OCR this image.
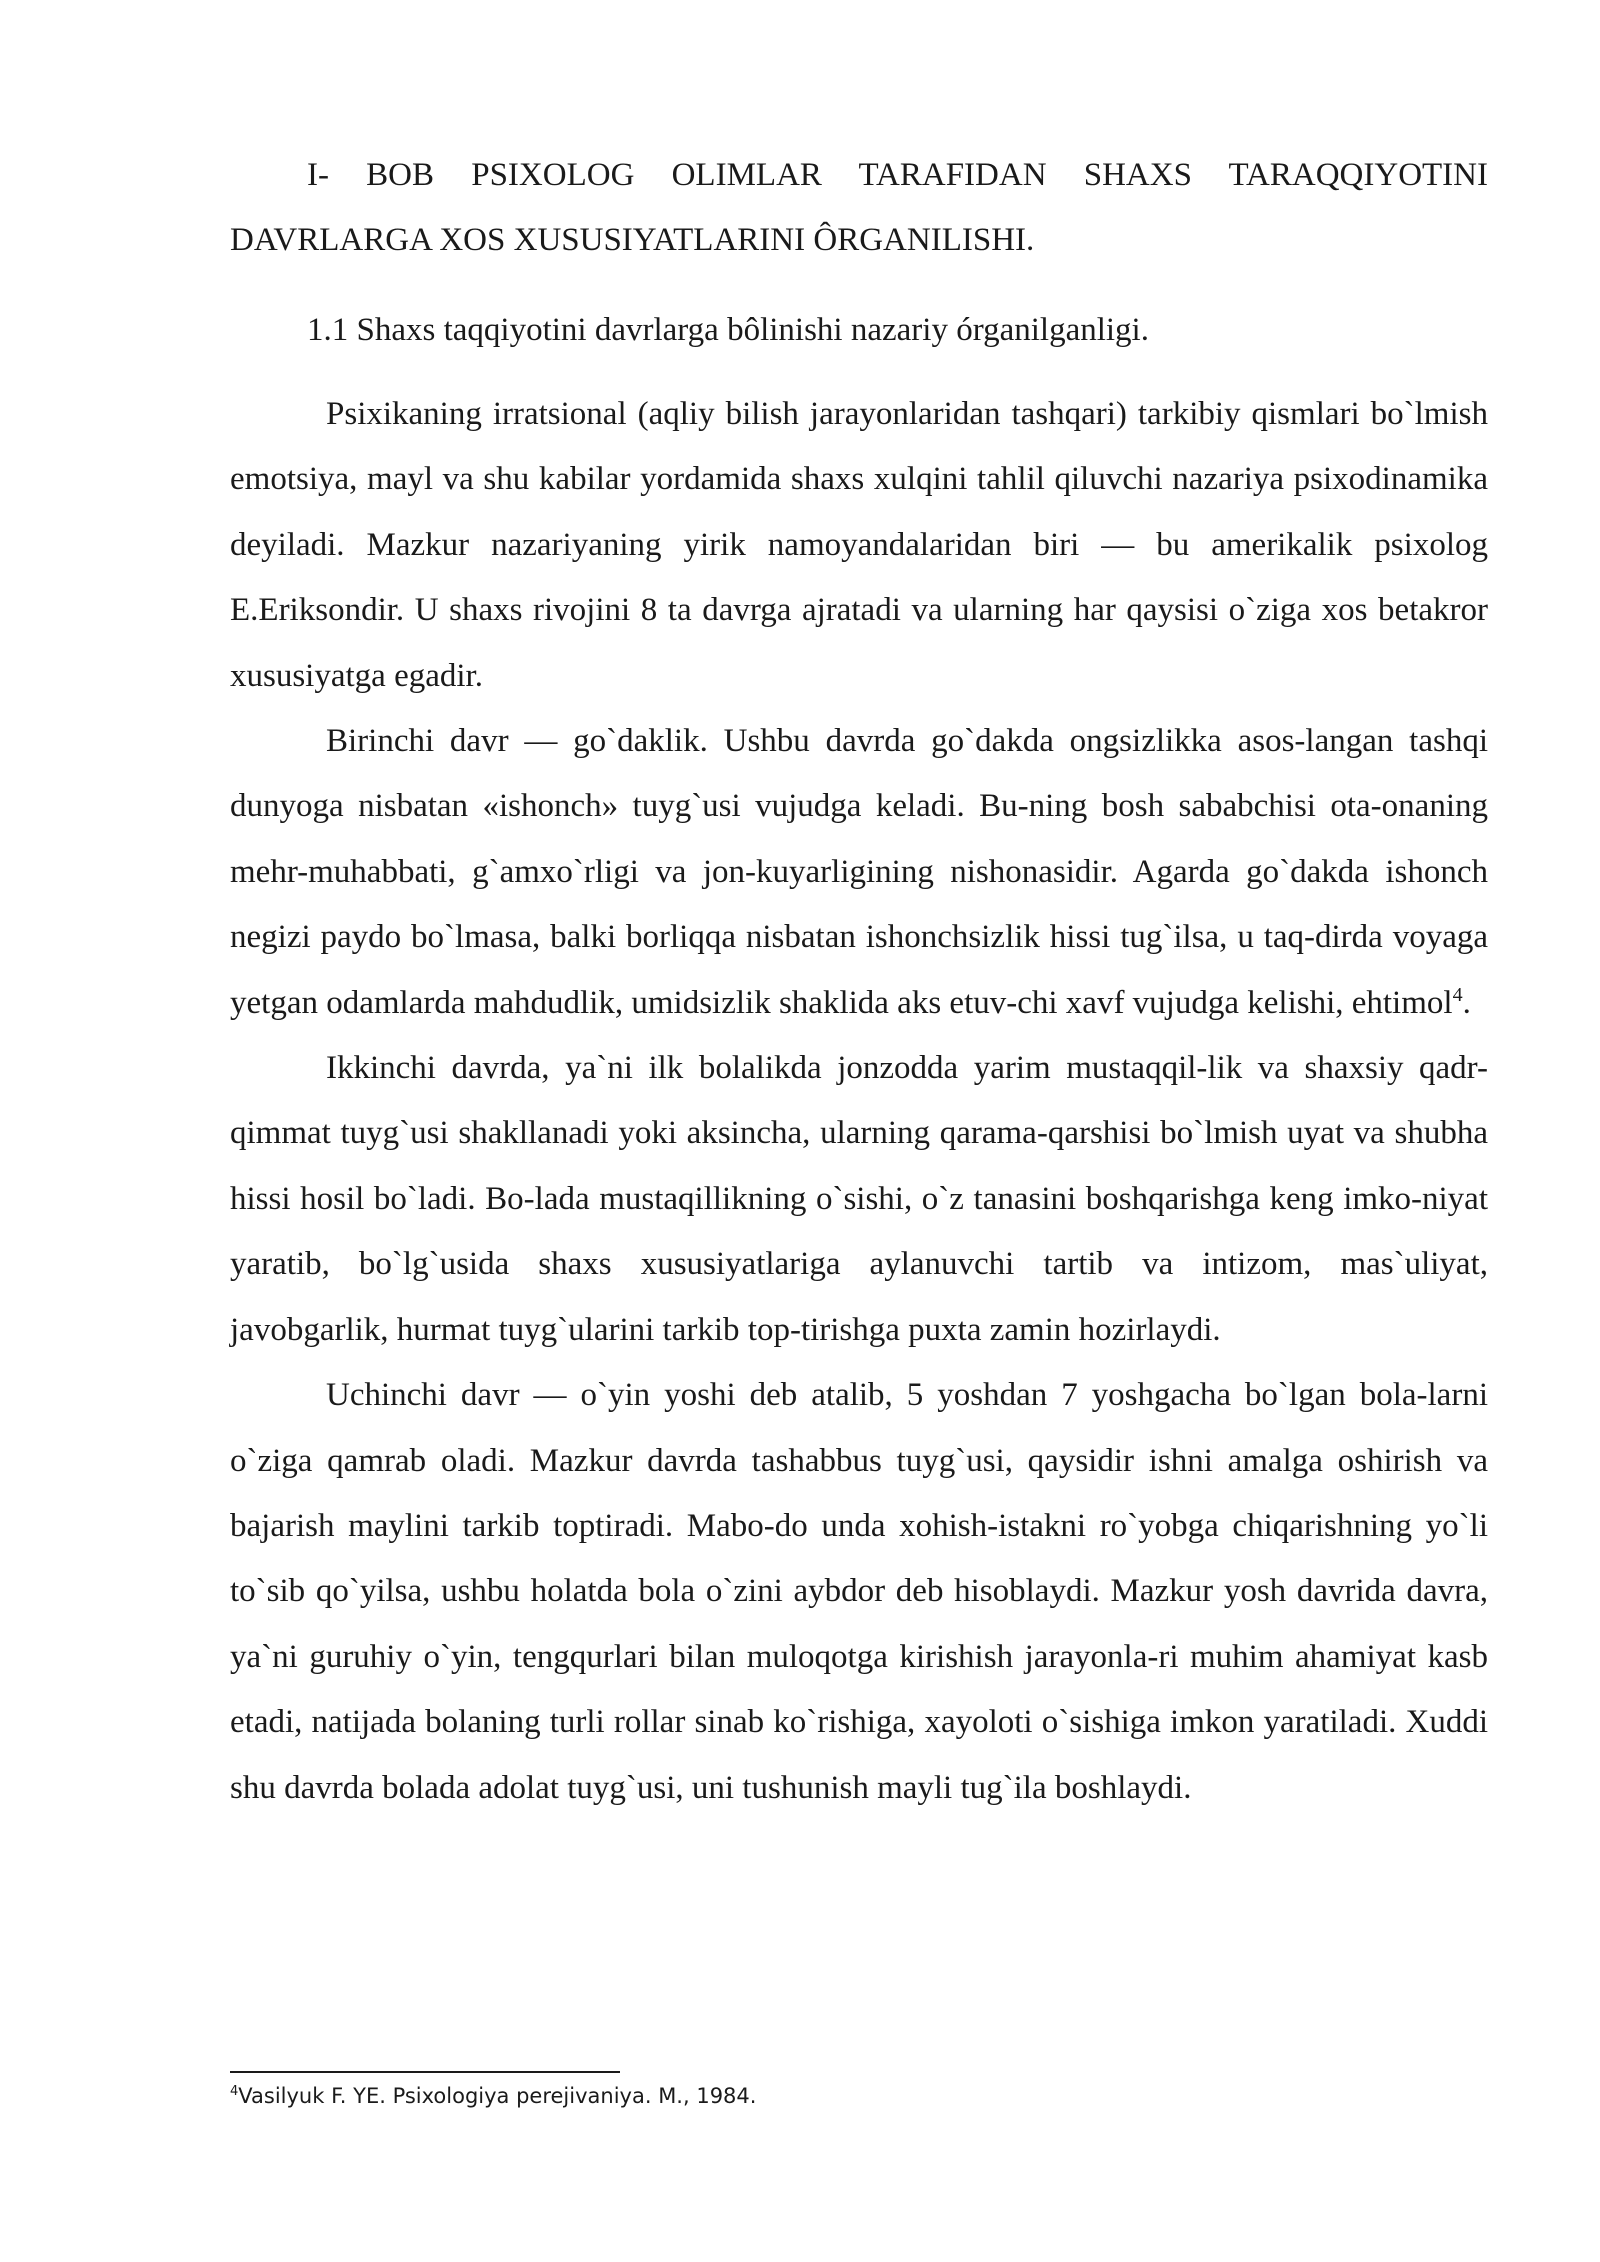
I- BOB PSIXOLOG OLIMLAR TARAFIDAN SHAXS TARAQQIYOTINI DAVRLARGA XOS XUSUSIYATLARINI ÔRGANILISHI.

1.1 Shaxs taqqiyotini davrlarga bôlinishi nazariy órganilganligi.

Psixikaning irratsional (aqliy bilish jarayonlaridan tashqari) tarkibiy qismlari bo`lmish emotsiya, mayl va shu kabilar yordamida shaxs xulqini tahlil qiluvchi nazariya psixodinamika deyiladi. Mazkur nazariyaning yirik namoyandalaridan biri — bu amerikalik psixolog E.Eriksondir. U shaxs rivojini 8 ta davrga ajratadi va ularning har qaysisi o`ziga xos betakror xususiyatga egadir.

Birinchi davr — go`daklik. Ushbu davrda go`dakda ongsizlikka asos-langan tashqi dunyoga nisbatan «ishonch» tuyg`usi vujudga keladi. Bu-ning bosh sababchisi ota-onaning mehr-muhabbati, g`amxo`rligi va jon-kuyarligining nishonasidir. Agarda go`dakda ishonch negizi paydo bo`lmasa, balki borliqqa nisbatan ishonchsizlik hissi tug`ilsa, u taq-dirda voyaga yetgan odamlarda mahdudlik, umidsizlik shaklida aks etuv-chi xavf vujudga kelishi, ehtimol$^4$.

Ikkinchi davrda, ya`ni ilk bolalikda jonzodda yarim mustaqqil-lik va shaxsiy qadr-qimmat tuyg`usi shakllanadi yoki aksincha, ularning qarama-qarshisi bo`lmish uyat va shubha hissi hosil bo`ladi. Bo-lada mustaqillikning o`sishi, o`z tanasini boshqarishga keng imko-niyat yaratib, bo`lg`usida shaxs xususiyatlariga aylanuvchi tartib va intizom, mas`uliyat, javobgarlik, hurmat tuyg`ularini tarkib top-tirishga puxta zamin hozirlaydi.

Uchinchi davr — o`yin yoshi deb atalib, 5 yoshdan 7 yoshgacha bo`lgan bola-larni o`ziga qamrab oladi. Mazkur davrda tashabbus tuyg`usi, qaysidir ishni amalga oshirish va bajarish maylini tarkib toptiradi. Mabo-do unda xohish-istakni ro`yobga chiqarishning yo`li to`sib qo`yilsa, ushbu holatda bola o`zini aybdor deb hisoblaydi. Mazkur yosh davrida davra, ya`ni guruhiy o`yin, tengqurlari bilan muloqotga kirishish jarayonla-ri muhim ahamiyat kasb etadi, natijada bolaning turli rollar sinab ko`rishiga, xayoloti o`sishiga imkon yaratiladi. Xuddi shu davrda bolada adolat tuyg`usi, uni tushunish mayli tug`ila boshlaydi.

$^4$Vasilyuk F. YE. Psixologiya perejivaniya. M., 1984.
